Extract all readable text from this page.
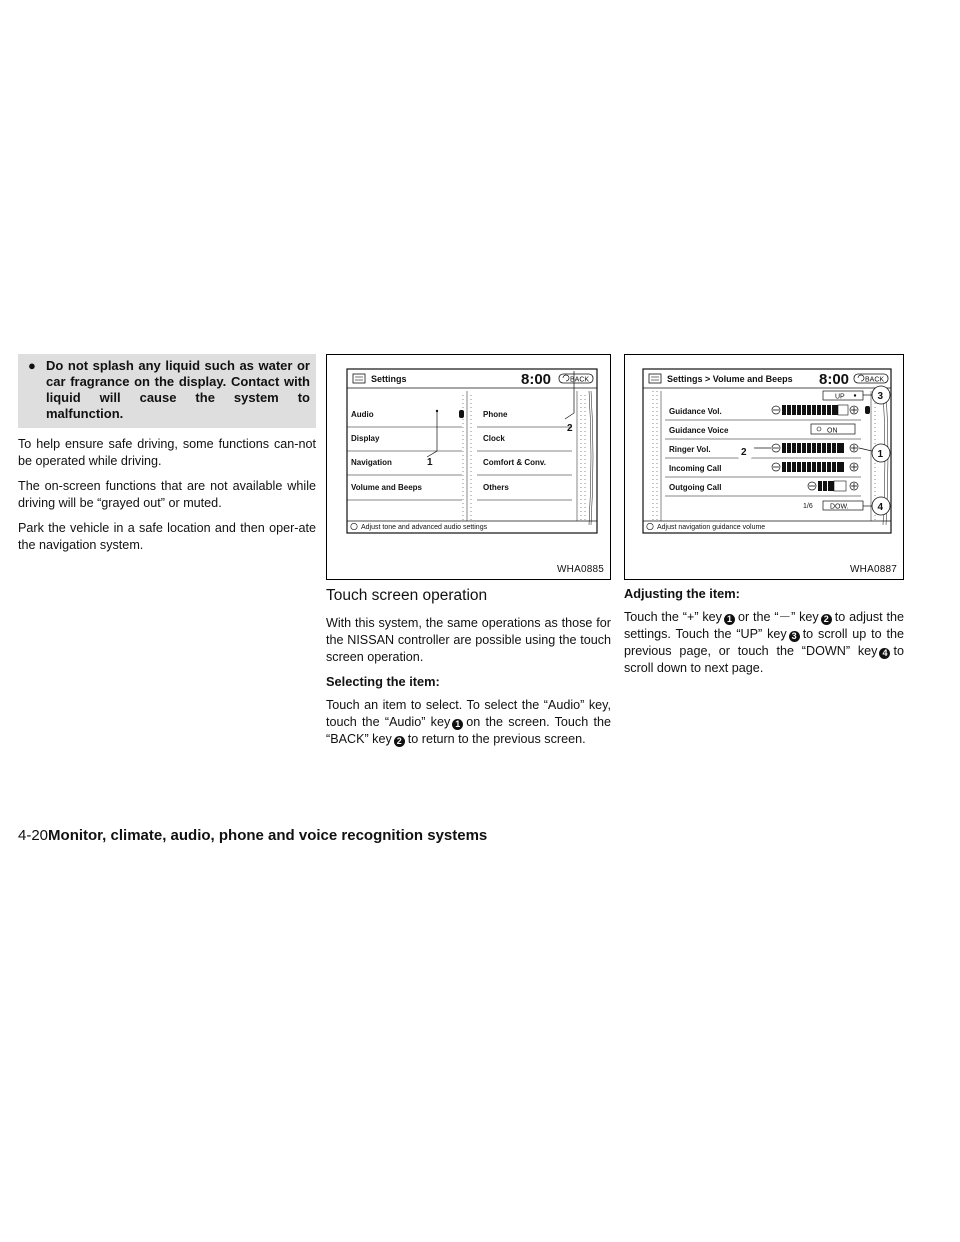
● Do not splash any liquid such as water or car fragrance on the display. Contact with liquid will cause the system to malfunction.

To help ensure safe driving, some functions can-not be operated while driving.

The on-screen functions that are not available while driving will be “grayed out” or muted.

Park the vehicle in a safe location and then oper-ate the navigation system.

Settings	8:00	BACK
Audio
Display
Navigation
Volume and Beeps
Phone
Clock
Comfort & Conv.
Others
1
2
Adjust tone and advanced audio settings
WHA0885
Settings > Volume and Beeps 8:00 BACK
UP
Guidance Vol.
Guidance Voice
Ringer Vol.
Incoming Call
Outgoing Call
ON
1/6 DOW.
3
1
4
2
Adjust navigation guidance volume
WHA0887
Touch screen operation

With this system, the same operations as those for the NISSAN controller are possible using the touch screen operation.

Selecting the item:

Touch an item to select. To select the “Audio” key, touch the “Audio” key 1 on the screen. Touch the “BACK” key 2 to return to the previous screen.

Adjusting the item:

Touch the “+” key 1 or the “－” key 2 to adjust the settings. Touch the “UP” key 3 to scroll up to the previous page, or touch the “DOWN” key 4 to scroll down to next page.

4-20Monitor, climate, audio, phone and voice recognition systems
